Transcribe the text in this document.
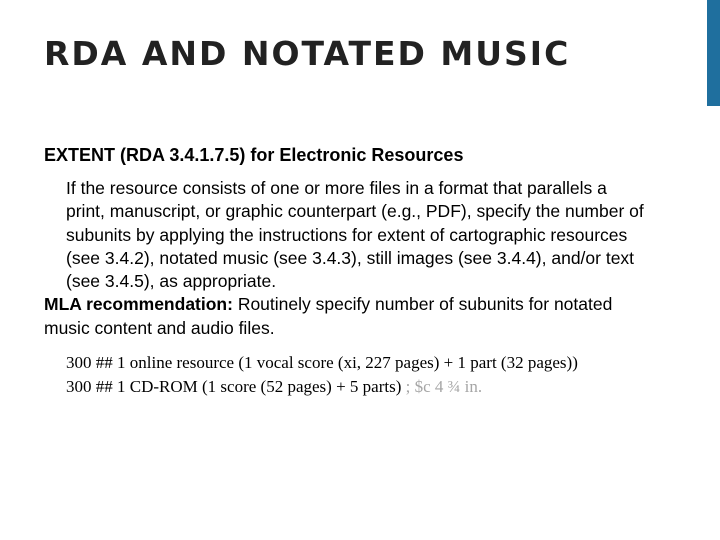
RDA AND NOTATED MUSIC

EXTENT (RDA 3.4.1.7.5) for Electronic Resources

If the resource consists of one or more files in a format that parallels a print, manuscript, or graphic counterpart (e.g., PDF), specify the number of subunits by applying the instructions for extent of cartographic resources (see 3.4.2), notated music (see 3.4.3), still images (see 3.4.4), and/or text (see 3.4.5), as appropriate.

MLA recommendation: Routinely specify number of subunits for notated music content and audio files.

300 ## 1 online resource (1 vocal score (xi, 227 pages) + 1 part (32 pages))

300 ## 1 CD-ROM (1 score (52 pages) + 5 parts) ; $c 4 ¾ in.
